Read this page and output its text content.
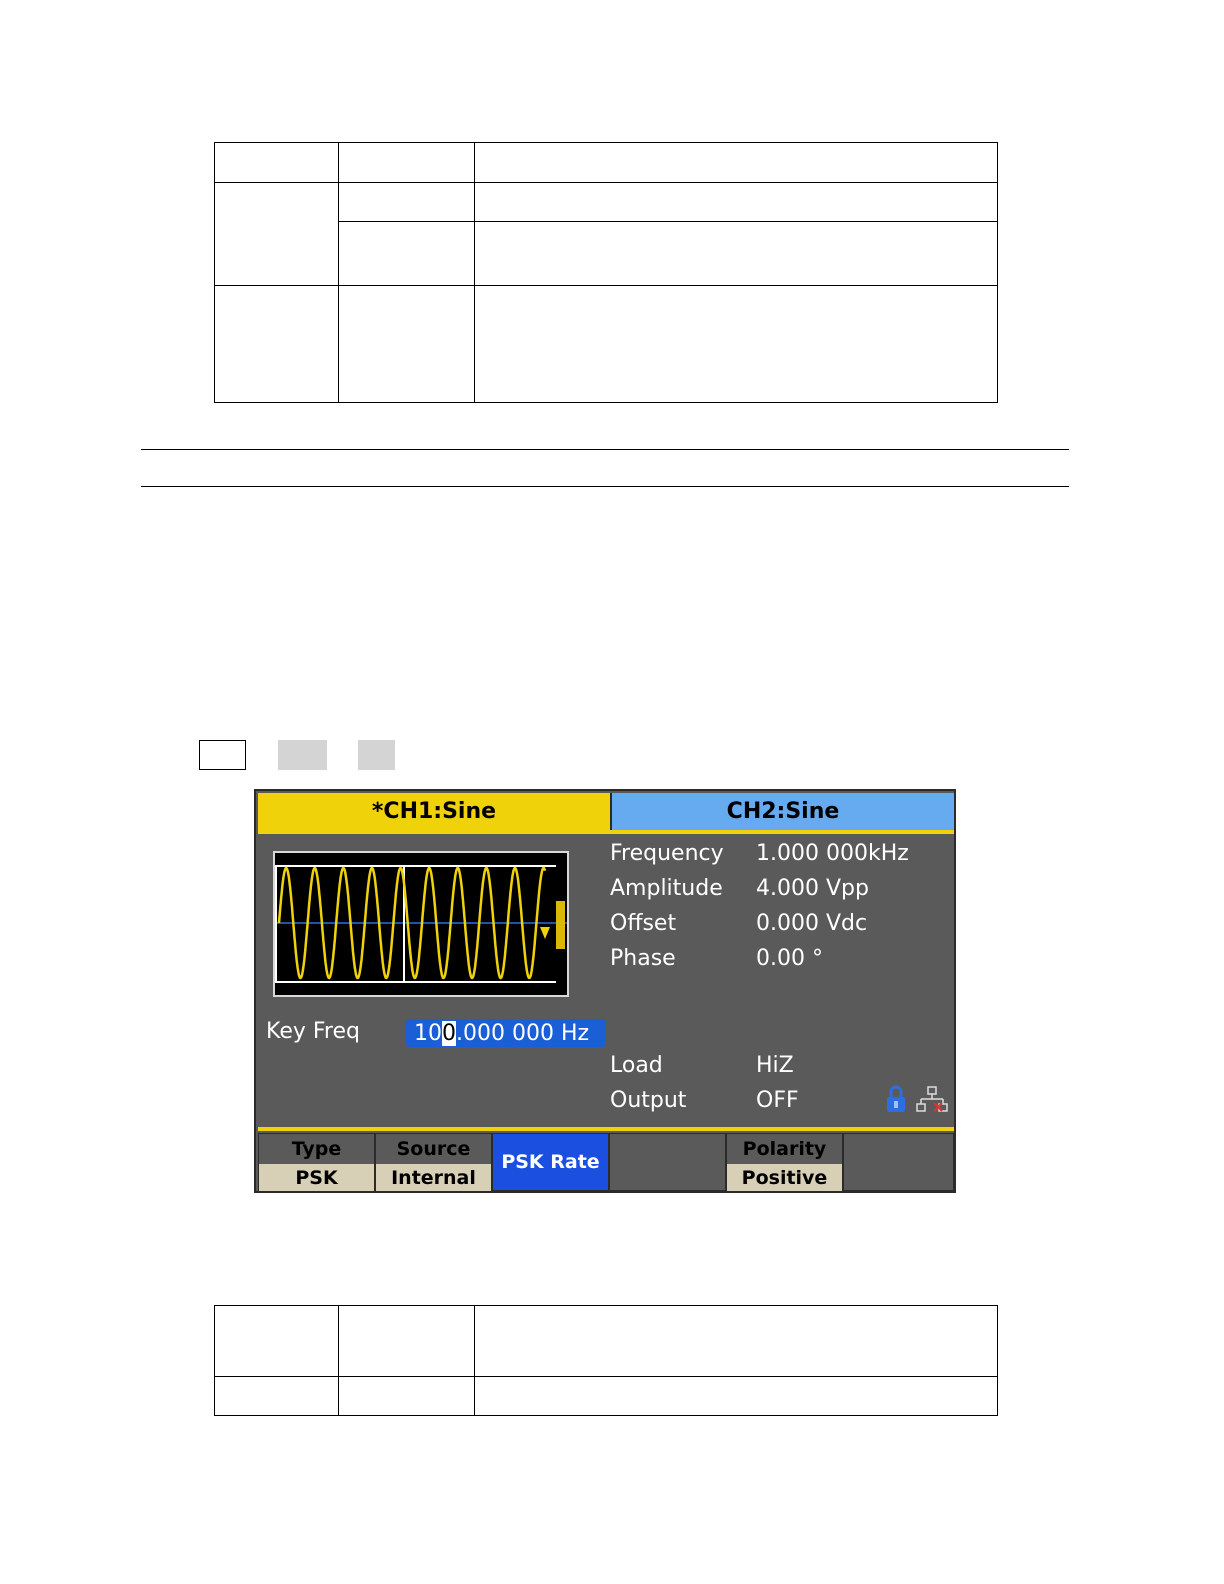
*CH1:Sine	CH2:Sine
Frequency 1.000 000kHz
Amplitude 4.000 Vpp
Offset	0.000 Vdc
Phase	0.00 °
Key Freq 10 0 .000 000 Hz
Load	HiZ
Output	OFF
Type
PSK
Source
Internal
PSK Rate
Polarity
Positive
